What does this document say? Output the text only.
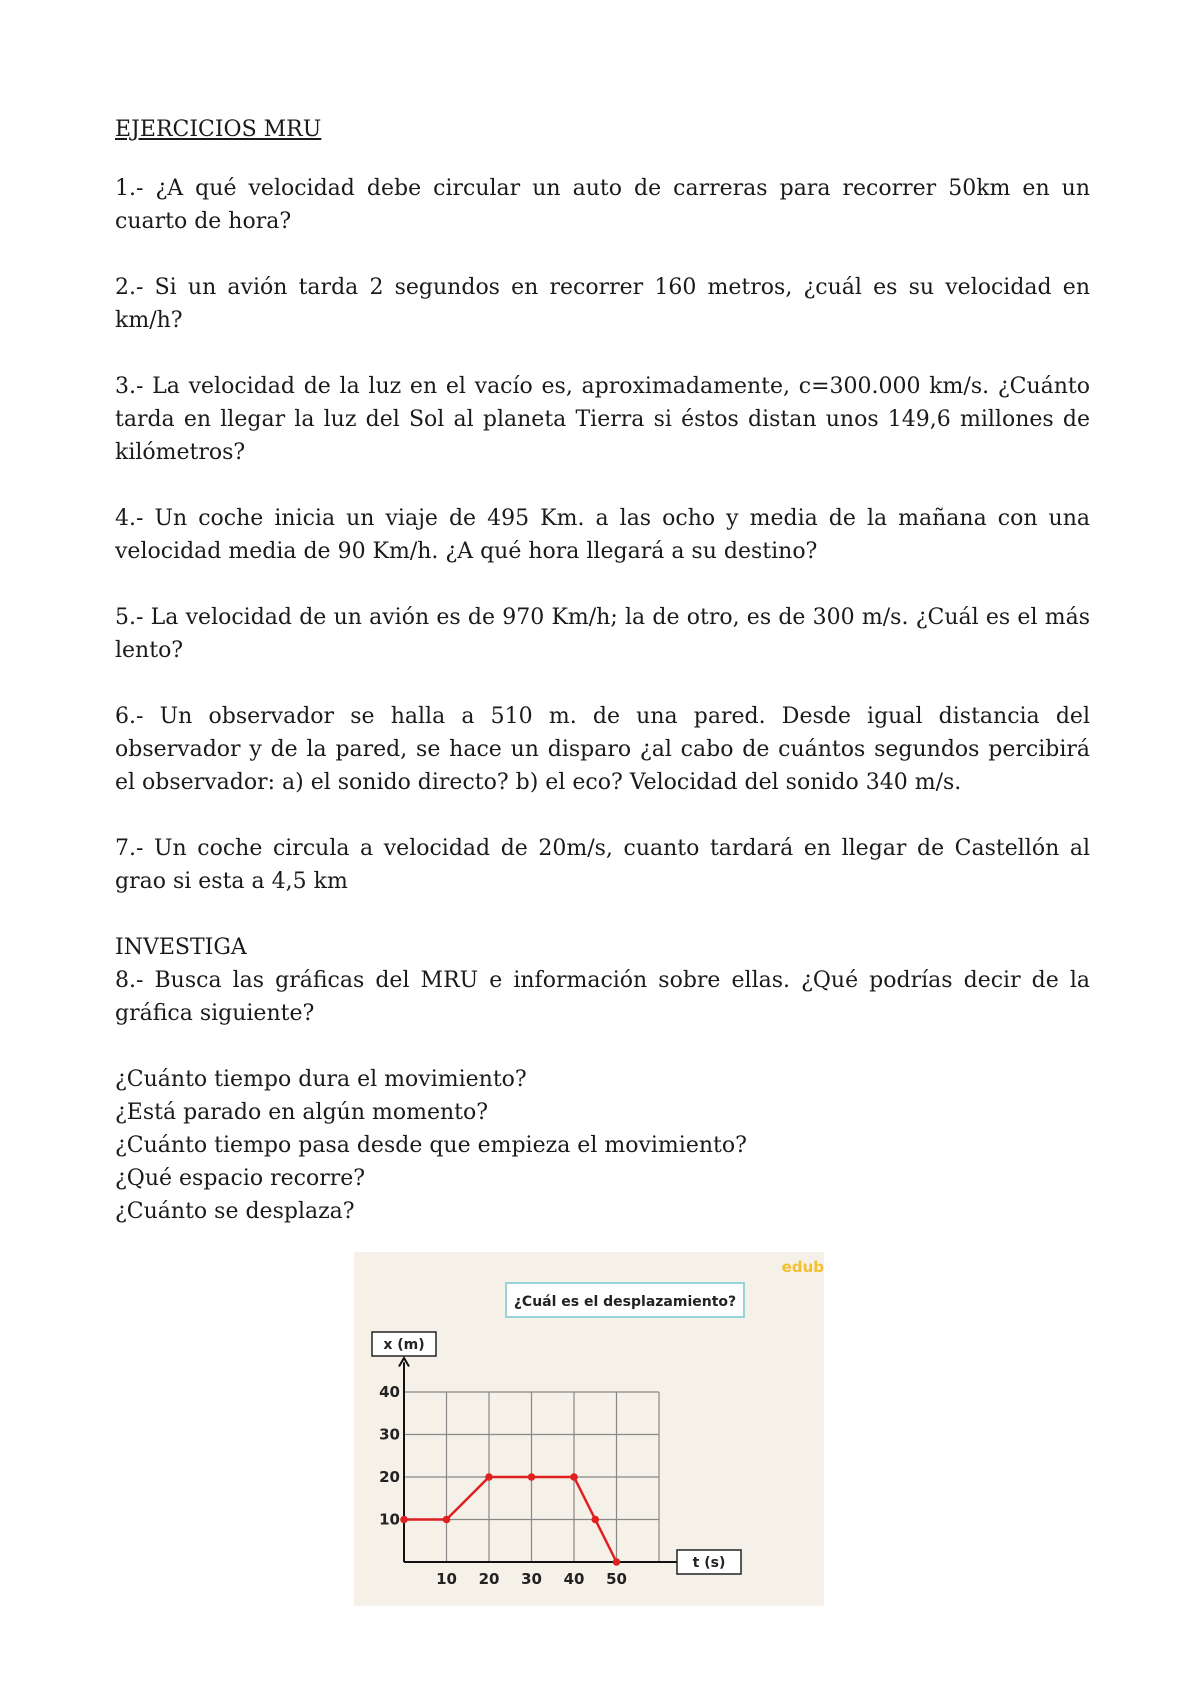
EJERCICIOS MRU
1.- ¿A qué velocidad debe circular un auto de carreras para recorrer 50km en un cuarto de hora?
2.- Si un avión tarda 2 segundos en recorrer 160 metros, ¿cuál es su velocidad en km/h?
3.- La velocidad de la luz en el vacío es, aproximadamente, c=300.000 km/s. ¿Cuánto tarda en llegar la luz del Sol al planeta Tierra si éstos distan unos 149,6 millones de kilómetros?
4.- Un coche inicia un viaje de 495 Km. a las ocho y media de la mañana con una velocidad media de 90 Km/h. ¿A qué hora llegará a su destino?
5.- La velocidad de un avión es de 970 Km/h; la de otro, es de 300 m/s. ¿Cuál es el más lento?
6.- Un observador se halla a 510 m. de una pared. Desde igual distancia del observador y de la pared, se hace un disparo ¿al cabo de cuántos segundos percibirá el observador: a) el sonido directo? b) el eco? Velocidad del sonido 340 m/s.
7.- Un coche circula a velocidad de 20m/s, cuanto tardará en llegar de Castellón al grao si esta a 4,5 km
INVESTIGA
8.- Busca las gráficas del MRU e información sobre ellas. ¿Qué podrías decir de la gráfica siguiente?
¿Cuánto tiempo dura el movimiento?
¿Está parado en algún momento?
¿Cuánto tiempo pasa desde que empieza el movimiento?
¿Qué espacio recorre?
¿Cuánto se desplaza?
edub
¿Cuál es el desplazamiento?
x (m)
t (s)
10
20
30
40
10 20 30 40 50
